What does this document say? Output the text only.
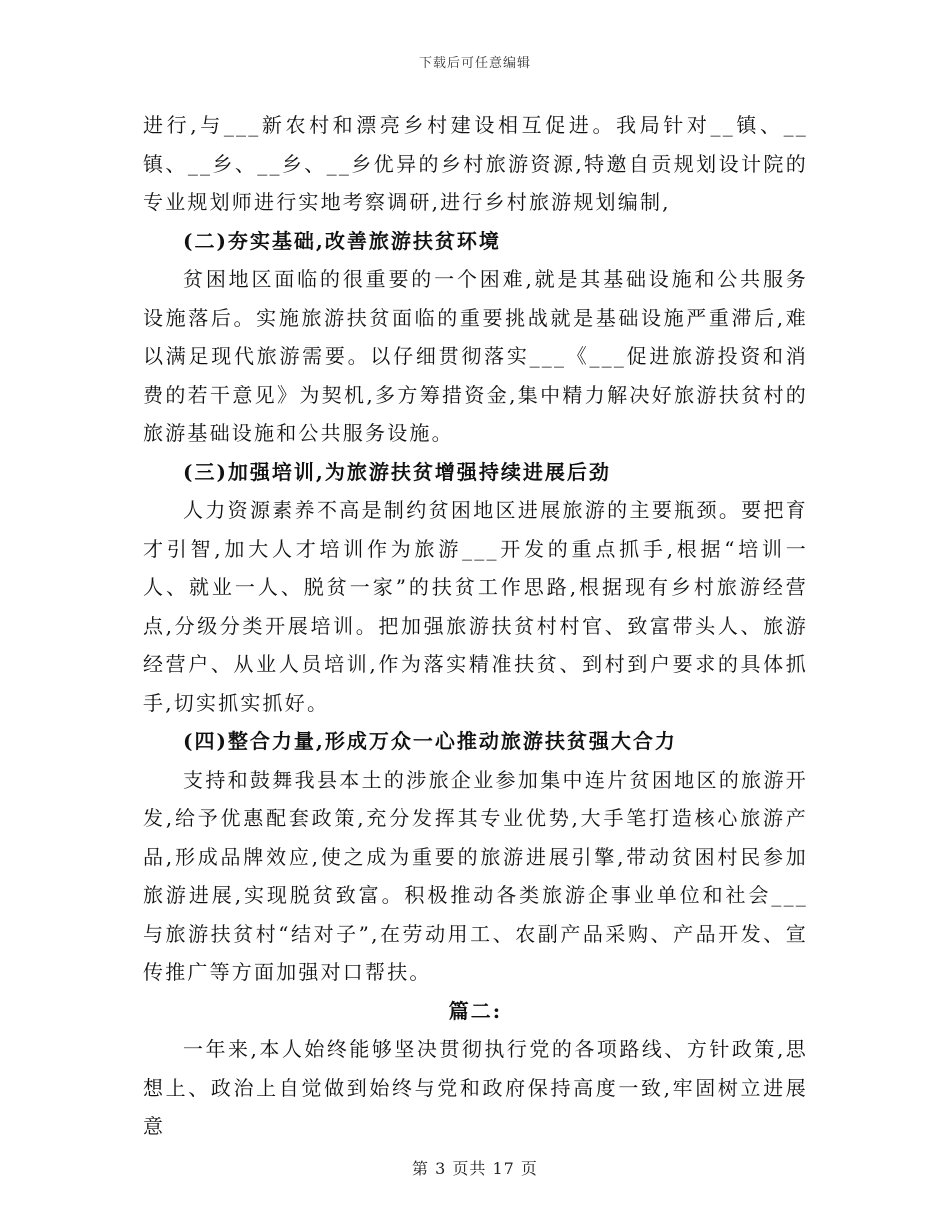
下载后可任意编辑

进行,与___新农村和漂亮乡村建设相互促进。我局针对__镇、__镇、__乡、__乡、__乡优异的乡村旅游资源,特邀自贡规划设计院的专业规划师进行实地考察调研,进行乡村旅游规划编制,

(二)夯实基础,改善旅游扶贫环境

贫困地区面临的很重要的一个困难,就是其基础设施和公共服务设施落后。实施旅游扶贫面临的重要挑战就是基础设施严重滞后,难以满足现代旅游需要。以仔细贯彻落实___《___促进旅游投资和消费的若干意见》为契机,多方筹措资金,集中精力解决好旅游扶贫村的旅游基础设施和公共服务设施。

(三)加强培训,为旅游扶贫增强持续进展后劲

人力资源素养不高是制约贫困地区进展旅游的主要瓶颈。要把育才引智,加大人才培训作为旅游___开发的重点抓手,根据“培训一人、就业一人、脱贫一家”的扶贫工作思路,根据现有乡村旅游经营点,分级分类开展培训。把加强旅游扶贫村村官、致富带头人、旅游经营户、从业人员培训,作为落实精准扶贫、到村到户要求的具体抓手,切实抓实抓好。

(四)整合力量,形成万众一心推动旅游扶贫强大合力

支持和鼓舞我县本土的涉旅企业参加集中连片贫困地区的旅游开发,给予优惠配套政策,充分发挥其专业优势,大手笔打造核心旅游产品,形成品牌效应,使之成为重要的旅游进展引擎,带动贫困村民参加旅游进展,实现脱贫致富。积极推动各类旅游企事业单位和社会___与旅游扶贫村“结对子”,在劳动用工、农副产品采购、产品开发、宣传推广等方面加强对口帮扶。

篇二:

一年来,本人始终能够坚决贯彻执行党的各项路线、方针政策,思想上、政治上自觉做到始终与党和政府保持高度一致,牢固树立进展意

第 3 页共 17 页
